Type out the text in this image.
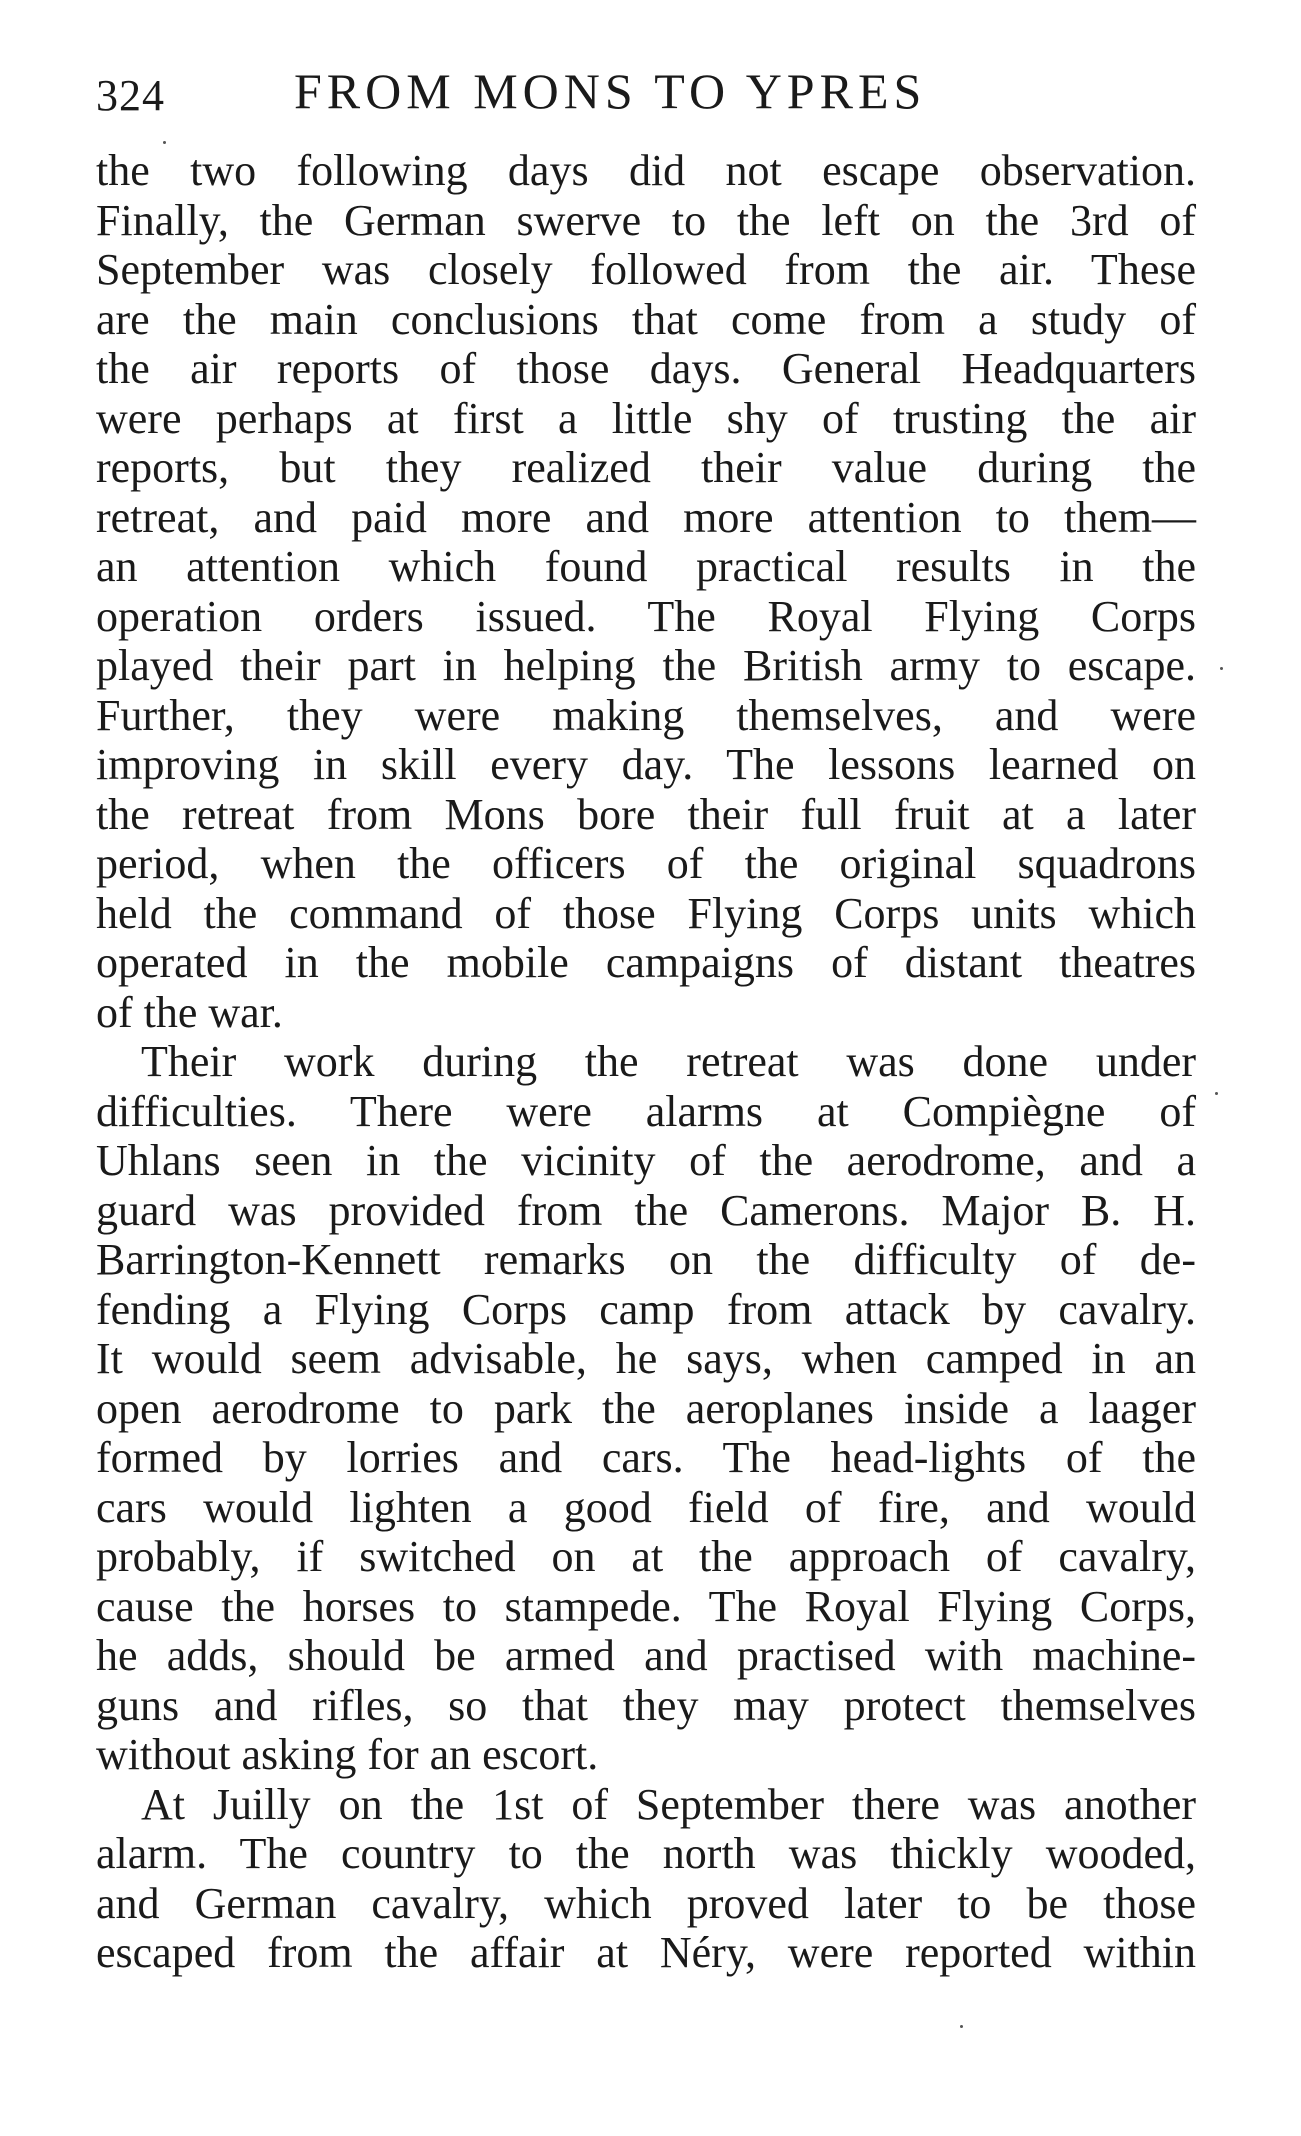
324	FROM MONS TO YPRES
the two following days did not escape observation.
Finally, the German swerve to the left on the 3rd of
September was closely followed from the air. These
are the main conclusions that come from a study of
the air reports of those days. General Headquarters
were perhaps at first a little shy of trusting the air
reports, but they realized their value during the
retreat, and paid more and more attention to them—
an attention which found practical results in the
operation orders issued. The Royal Flying Corps
played their part in helping the British army to escape.
Further, they were making themselves, and were
improving in skill every day. The lessons learned on
the retreat from Mons bore their full fruit at a later
period, when the officers of the original squadrons
held the command of those Flying Corps units which
operated in the mobile campaigns of distant theatres
of the war.
Their work during the retreat was done under
difficulties. There were alarms at Compiègne of
Uhlans seen in the vicinity of the aerodrome, and a
guard was provided from the Camerons. Major B. H.
Barrington-Kennett remarks on the difficulty of de-
fending a Flying Corps camp from attack by cavalry.
It would seem advisable, he says, when camped in an
open aerodrome to park the aeroplanes inside a laager
formed by lorries and cars. The head-lights of the
cars would lighten a good field of fire, and would
probably, if switched on at the approach of cavalry,
cause the horses to stampede. The Royal Flying Corps,
he adds, should be armed and practised with machine-
guns and rifles, so that they may protect themselves
without asking for an escort.
At Juilly on the 1st of September there was another
alarm. The country to the north was thickly wooded,
and German cavalry, which proved later to be those
escaped from the affair at Néry, were reported within
